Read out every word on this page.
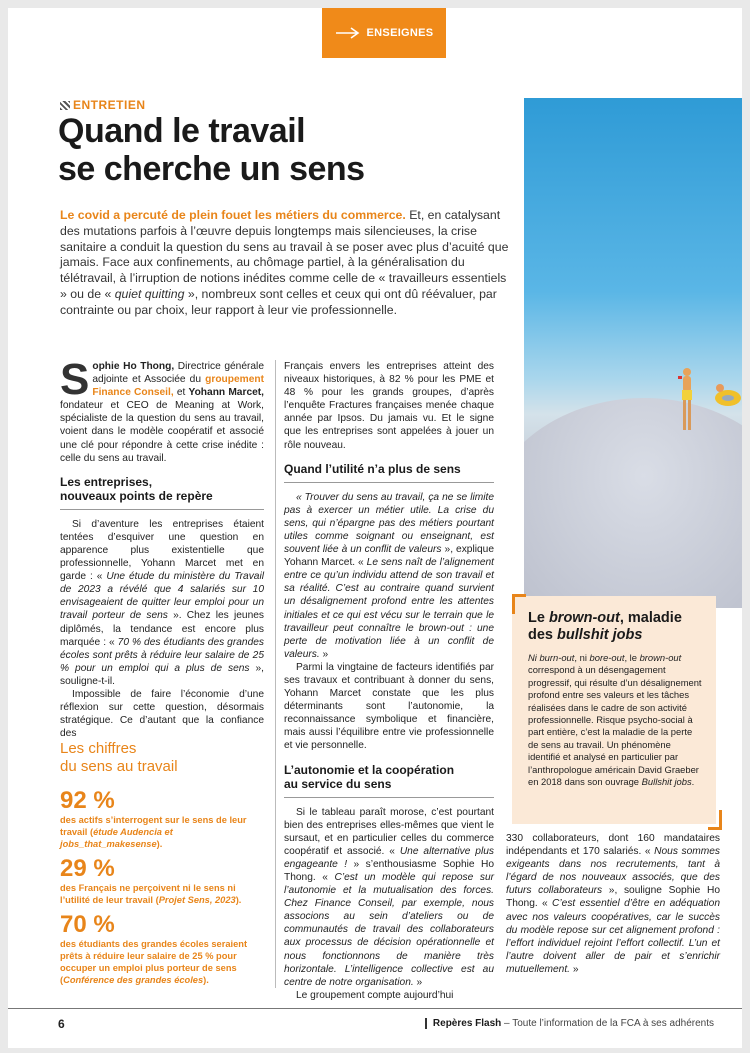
ENSEIGNES
ENTRETIEN
Quand le travail
se cherche un sens

Le covid a percuté de plein fouet les métiers du commerce. Et, en catalysant des mutations parfois à l’œuvre depuis longtemps mais silencieuses, la crise sanitaire a conduit la question du sens au travail à se poser avec plus d’acuité que jamais. Face aux confinements, au chômage partiel, à la généralisation du télétravail, à l’irruption de notions inédites comme celle de « travailleurs essentiels » ou de « quiet quitting », nombreux sont celles et ceux qui ont dû réévaluer, par contrainte ou par choix, leur rapport à leur vie professionnelle.

Sophie Ho Thong, Directrice générale adjointe et Associée du groupement Finance Conseil, et Yohann Marcet, fondateur et CEO de Meaning at Work, spécialiste de la question du sens au travail, voient dans le modèle coopératif et associé une clé pour répondre à cette crise inédite : celle du sens au travail.

Les entreprises,
nouveaux points de repère

Si d’aventure les entreprises étaient tentées d’esquiver une question en apparence plus existentielle que professionnelle, Yohann Marcet met en garde : « Une étude du ministère du Travail de 2023 a révélé que 4 salariés sur 10 envisageaient de quitter leur emploi pour un travail porteur de sens ». Chez les jeunes diplômés, la tendance est encore plus marquée : « 70 % des étudiants des grandes écoles sont prêts à réduire leur salaire de 25 % pour un emploi qui a plus de sens », souligne-t-il.

Impossible de faire l’économie d’une réflexion sur cette question, désormais stratégique. Ce d’autant que la confiance des

Les chiffres
du sens au travail
92 %
des actifs s’interrogent sur le sens de leur travail (étude Audencia et jobs_that_makesense).
29 %
des Français ne perçoivent ni le sens ni l’utilité de leur travail (Projet Sens, 2023).
70 %
des étudiants des grandes écoles seraient prêts à réduire leur salaire de 25 % pour occuper un emploi plus porteur de sens (Conférence des grandes écoles).

Français envers les entreprises atteint des niveaux historiques, à 82 % pour les PME et 48 % pour les grands groupes, d’après l’enquête Fractures françaises menée chaque année par Ipsos. Du jamais vu. Et le signe que les entreprises sont appelées à jouer un rôle nouveau.

Quand l’utilité n’a plus de sens

« Trouver du sens au travail, ça ne se limite pas à exercer un métier utile. La crise du sens, qui n’épargne pas des métiers pourtant utiles comme soignant ou enseignant, est souvent liée à un conflit de valeurs », explique Yohann Marcet. « Le sens naît de l’alignement entre ce qu’un individu attend de son travail et sa réalité. C’est au contraire quand survient un désalignement profond entre les attentes initiales et ce qui est vécu sur le terrain que le travailleur peut connaître le brown-out : une perte de motivation liée à un conflit de valeurs. »

Parmi la vingtaine de facteurs identifiés par ses travaux et contribuant à donner du sens, Yohann Marcet constate que les plus déterminants sont l’autonomie, la reconnaissance symbolique et financière, mais aussi l’équilibre entre vie professionnelle et vie personnelle.

L’autonomie et la coopération
au service du sens

Si le tableau paraît morose, c’est pourtant bien des entreprises elles-mêmes que vient le sursaut, et en particulier celles du commerce coopératif et associé. « Une alternative plus engageante ! » s’enthousiasme Sophie Ho Thong. « C’est un modèle qui repose sur l’autonomie et la mutualisation des forces. Chez Finance Conseil, par exemple, nous associons au sein d’ateliers ou de communautés de travail des collaborateurs aux processus de décision opérationnelle et nous fonctionnons de manière très horizontale. L’intelligence collective est au centre de notre organisation. »

Le groupement compte aujourd’hui

Le brown-out, maladie des bullshit jobs

Ni burn-out, ni bore-out, le brown-out correspond à un désengagement progressif, qui résulte d’un désalignement profond entre ses valeurs et les tâches réalisées dans le cadre de son activité professionnelle. Risque psycho-social à part entière, c’est la maladie de la perte de sens au travail. Un phénomène identifié et analysé en particulier par l’anthropologue américain David Graeber en 2018 dans son ouvrage Bullshit jobs.

330 collaborateurs, dont 160 mandataires indépendants et 170 salariés. « Nous sommes exigeants dans nos recrutements, tant à l’égard de nos nouveaux associés, que des futurs collaborateurs », souligne Sophie Ho Thong. « C’est essentiel d’être en adéquation avec nos valeurs coopératives, car le succès du modèle repose sur cet alignement profond : l’effort individuel rejoint l’effort collectif. L’un et l’autre doivent aller de pair et s’enrichir mutuellement. »

6	Repères Flash – Toute l’information de la FCA à ses adhérents
